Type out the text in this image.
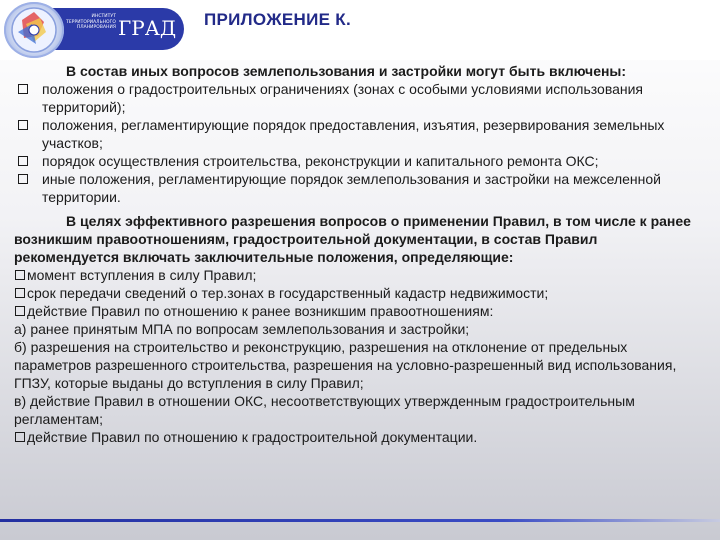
ИНСТИТУТ
ТЕРРИТОРИАЛЬНОГО
ПЛАНИРОВАНИЯ ГРАД ПРИЛОЖЕНИЕ К.

В состав иных вопросов землепользования и застройки могут быть включены:

положения о градостроительных ограничениях (зонах с особыми условиями использования территорий);
положения, регламентирующие порядок предоставления, изъятия, резервирования земельных участков;
порядок осуществления строительства, реконструкции и капитального ремонта ОКС;
иные положения, регламентирующие порядок землепользования и застройки на межселенной территории.

В целях эффективного разрешения вопросов о применении Правил, в том числе к ранее возникшим правоотношениям, градостроительной документации, в состав Правил рекомендуется включать заключительные положения, определяющие:

момент вступления в силу Правил;

срок передачи сведений о тер.зонах в государственный кадастр недвижимости;

действие Правил по отношению к ранее возникшим правоотношениям:

а) ранее принятым МПА по вопросам землепользования и застройки;

б) разрешения на строительство и реконструкцию, разрешения на отклонение от предельных параметров разрешенного строительства, разрешения на условно-разрешенный вид использования, ГПЗУ, которые выданы до вступления в силу Правил;

в) действие Правил в отношении ОКС, несоответствующих утвержденным градостроительным регламентам;

действие Правил по отношению к градостроительной документации.
